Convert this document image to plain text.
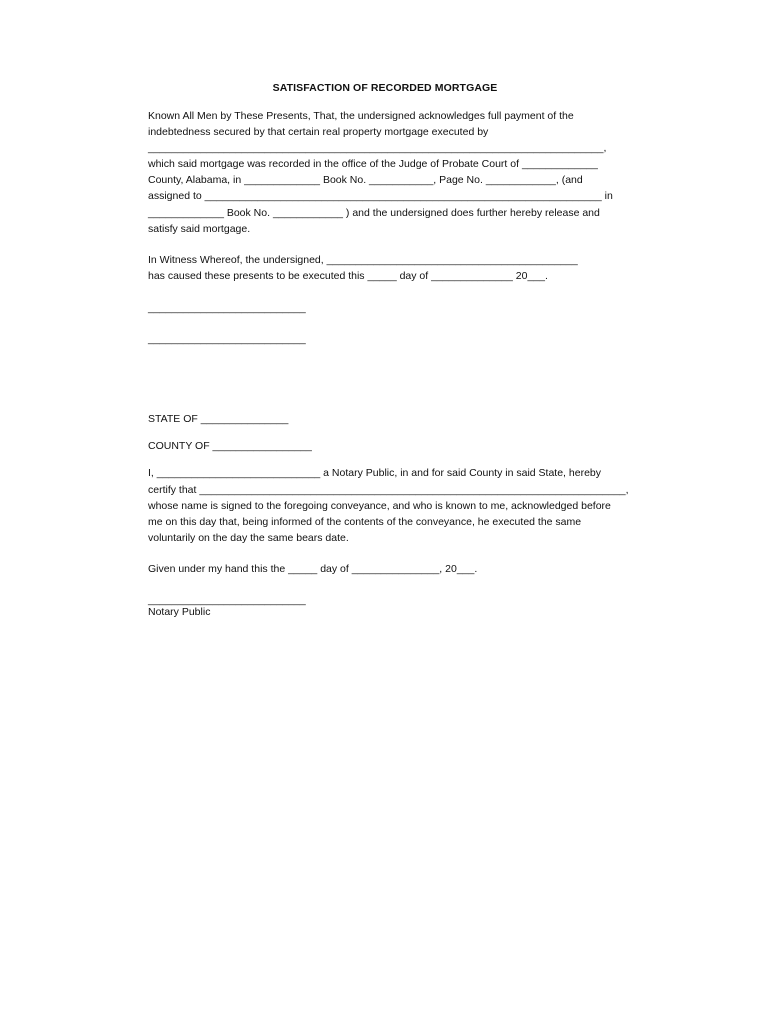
SATISFACTION OF RECORDED MORTGAGE
Known All Men by These Presents, That, the undersigned acknowledges full payment of the
indebtedness secured by that certain real property mortgage executed by
______________________________________________________________________________,
which said mortgage was recorded in the office of the Judge of Probate Court of _____________
County, Alabama, in _____________ Book No. ___________, Page No. ____________, (and
assigned to ____________________________________________________________________ in
_____________ Book No. ____________ ) and the undersigned does further hereby release and
satisfy said mortgage.
In Witness Whereof, the undersigned, ___________________________________________
has caused these presents to be executed this _____ day of ______________ 20___.
___________________________
___________________________
STATE OF _______________
COUNTY OF _________________
I, ____________________________ a Notary Public, in and for said County in said State, hereby
certify that _________________________________________________________________________,
whose name is signed to the foregoing conveyance, and who is known to me, acknowledged before
me on this day that, being informed of the contents of the conveyance, he executed the same
voluntarily on the day the same bears date.
Given under my hand this the _____ day of _______________, 20___.
___________________________
Notary Public
